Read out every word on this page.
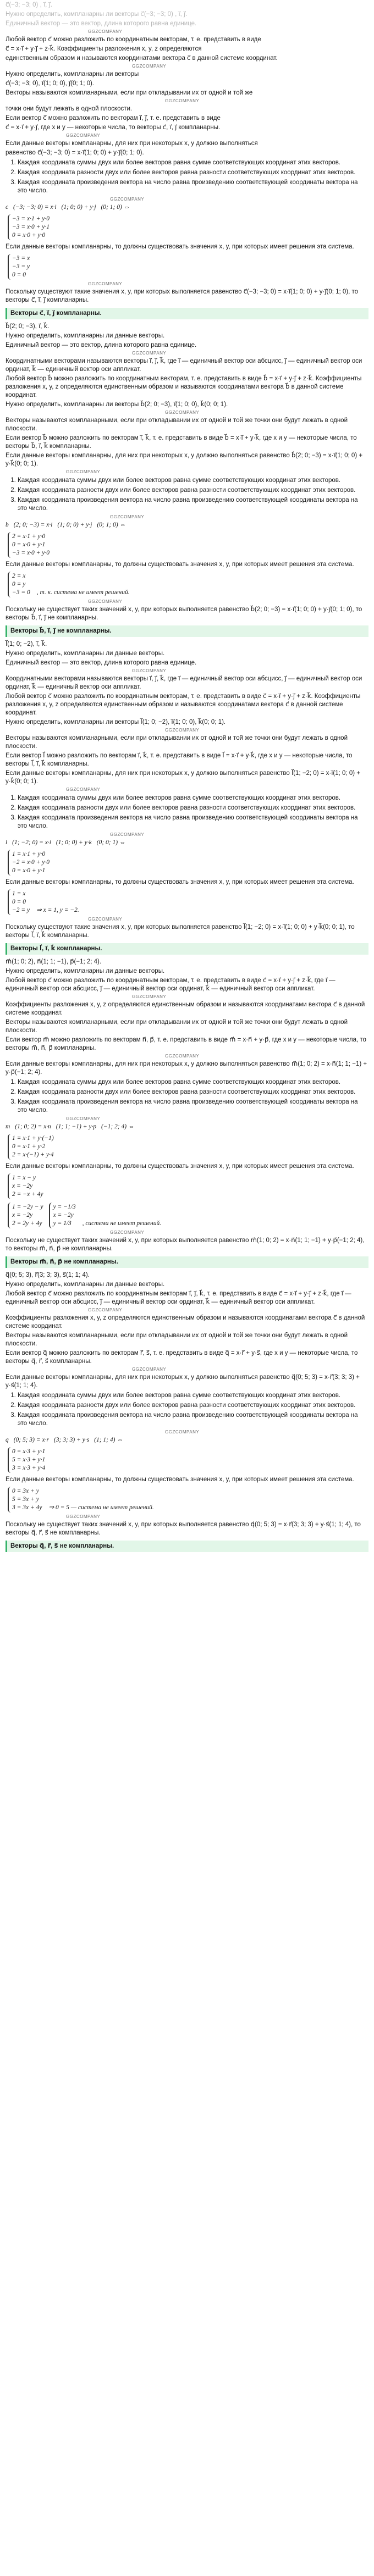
c⃗(−3; −3; 0) , i⃗, j⃗.

Нужно определить, компланарны ли векторы c⃗(−3; −3; 0) , i⃗, j⃗.

Единичный вектор — это вектор, длина которого равна единице.

GGZCOMPANY

Любой вектор c⃗ можно разложить по координатным векторам, т. е. представить в виде

c⃗ = x·i⃗ + y·j⃗ + z·k⃗. Коэффициенты разложения x, y, z определяются

единственным образом и называются координатами вектора c⃗ в данной системе координат.

GGZCOMPANY

Нужно определить, компланарны ли векторы

c⃗(−3; −3; 0), i⃗(1; 0; 0), j⃗(0; 1; 0).

Векторы называются компланарными, если при откладывании их от одной и той же

GGZCOMPANY

точки они будут лежать в одной плоскости.

Если вектор c⃗ можно разложить по векторам i⃗, j⃗, т. е. представить в виде

c⃗ = x·i⃗ + y·j⃗, где x и y — некоторые числа, то векторы c⃗, i⃗, j⃗ компланарны.

GGZCOMPANY

Если данные векторы компланарны, для них при некоторых x, y должно выполняться

равенство c⃗(−3; −3; 0) = x·i⃗(1; 0; 0) + y·j⃗(0; 1; 0).

1. Каждая координата суммы двух или более векторов равна сумме соответствующих координат этих векторов.
2. Каждая координата разности двух или более векторов равна разности соответствующих координат этих векторов.
3. Каждая координата произведения вектора на число равна произведению соответствующей координаты вектора на это число.
GGZCOMPANY
c⃗(−3; −3; 0) = x·i⃗(1; 0; 0) + y·j⃗(0; 1; 0) ⇔
−3 = x·1 + y·0
−3 = x·0 + y·1
0 = x·0 + y·0

Если данные векторы компланарны, то должны существовать значения x, y, при которых имеет решения эта система.

−3 = x
−3 = y
0 = 0
GGZCOMPANY

Поскольку существуют такие значения x, y, при которых выполняется равенство c⃗(−3; −3; 0) = x·i⃗(1; 0; 0) + y·j⃗(0; 1; 0), то векторы c⃗, i⃗, j⃗ компланарны.

Векторы c⃗, i⃗, j⃗ компланарны.

b⃗(2; 0; −3), i⃗, k⃗.

Нужно определить, компланарны ли данные векторы.

Единичный вектор — это вектор, длина которого равна единице.

GGZCOMPANY

Координатными векторами называются векторы i⃗, j⃗, k⃗, где i⃗ — единичный вектор оси абсцисс, j⃗ — единичный вектор оси ординат, k⃗ — единичный вектор оси аппликат.

Любой вектор b⃗ можно разложить по координатным векторам, т. е. представить в виде b⃗ = x·i⃗ + y·j⃗ + z·k⃗. Коэффициенты разложения x, y, z определяются единственным образом и называются координатами вектора b⃗ в данной системе координат.

Нужно определить, компланарны ли векторы b⃗(2; 0; −3), i⃗(1; 0; 0), k⃗(0; 0; 1).

GGZCOMPANY

Векторы называются компланарными, если при откладывании их от одной и той же точки они будут лежать в одной плоскости.

Если вектор b⃗ можно разложить по векторам i⃗, k⃗, т. е. представить в виде b⃗ = x·i⃗ + y·k⃗, где x и y — некоторые числа, то векторы b⃗, i⃗, k⃗ компланарны.

Если данные векторы компланарны, для них при некоторых x, y должно выполняться равенство b⃗(2; 0; −3) = x·i⃗(1; 0; 0) + y·k⃗(0; 0; 1).

GGZCOMPANY
1. Каждая координата суммы двух или более векторов равна сумме соответствующих координат этих векторов.
2. Каждая координата разности двух или более векторов равна разности соответствующих координат этих векторов.
3. Каждая координата произведения вектора на число равна произведению соответствующей координаты вектора на это число.
GGZCOMPANY
b⃗(2; 0; −3) = x·i⃗(1; 0; 0) + y·j⃗(0; 1; 0) ⇔
2 = x·1 + y·0
0 = x·0 + y·1
−3 = x·0 + y·0

Если данные векторы компланарны, то должны существовать значения x, y, при которых имеет решения эта система.

2 = x
0 = y
−3 = 0 , т. к. система не имеет решений.
GGZCOMPANY

Поскольку не существует таких значений x, y, при которых выполняется равенство b⃗(2; 0; −3) = x·i⃗(1; 0; 0) + y·j⃗(0; 1; 0), то векторы b⃗, i⃗, j⃗ не компланарны.

Векторы b⃗, i⃗, j⃗ не компланарны.

l⃗(1; 0; −2), i⃗, k⃗.

Нужно определить, компланарны ли данные векторы.

Единичный вектор — это вектор, длина которого равна единице.

GGZCOMPANY

Координатными векторами называются векторы i⃗, j⃗, k⃗, где i⃗ — единичный вектор оси абсцисс, j⃗ — единичный вектор оси ординат, k⃗ — единичный вектор оси аппликат.

Любой вектор c⃗ можно разложить по координатным векторам, т. е. представить в виде c⃗ = x·i⃗ + y·j⃗ + z·k⃗. Коэффициенты разложения x, y, z определяются единственным образом и называются координатами вектора c⃗ в данной системе координат.

Нужно определить, компланарны ли векторы l⃗(1; 0; −2), i⃗(1; 0; 0), k⃗(0; 0; 1).

GGZCOMPANY

Векторы называются компланарными, если при откладывании их от одной и той же точки они будут лежать в одной плоскости.

Если вектор l⃗ можно разложить по векторам i⃗, k⃗, т. е. представить в виде l⃗ = x·i⃗ + y·k⃗, где x и y — некоторые числа, то векторы l⃗, i⃗, k⃗ компланарны.

Если данные векторы компланарны, для них при некоторых x, y должно выполняться равенство l⃗(1; −2; 0) = x·i⃗(1; 0; 0) + y·k⃗(0; 0; 1).

GGZCOMPANY
1. Каждая координата суммы двух или более векторов равна сумме соответствующих координат этих векторов.
2. Каждая координата разности двух или более векторов равна разности соответствующих координат этих векторов.
3. Каждая координата произведения вектора на число равна произведению соответствующей координаты вектора на это число.
GGZCOMPANY
l⃗(1; −2; 0) = x·i⃗(1; 0; 0) + y·k⃗(0; 0; 1) ⇔
1 = x·1 + y·0
−2 = x·0 + y·0
0 = x·0 + y·1

Если данные векторы компланарны, то должны существовать значения x, y, при которых имеет решения эта система.

1 = x
0 = 0
−2 = y ⇒ x = 1, y = −2.
GGZCOMPANY

Поскольку существуют такие значения x, y, при которых выполняется равенство l⃗(1; −2; 0) = x·i⃗(1; 0; 0) + y·k⃗(0; 0; 1), то векторы l⃗, i⃗, k⃗ компланарны.

Векторы l⃗, i⃗, k⃗ компланарны.

m⃗(1; 0; 2), n⃗(1; 1; −1), p⃗(−1; 2; 4).

Нужно определить, компланарны ли данные векторы.

Любой вектор c⃗ можно разложить по координатным векторам, т. е. представить в виде c⃗ = x·i⃗ + y·j⃗ + z·k⃗, где i⃗ — единичный вектор оси абсцисс, j⃗ — единичный вектор оси ординат, k⃗ — единичный вектор оси аппликат.

GGZCOMPANY

Коэффициенты разложения x, y, z определяются единственным образом и называются координатами вектора c⃗ в данной системе координат.

Векторы называются компланарными, если при откладывании их от одной и той же точки они будут лежать в одной плоскости.

Если вектор m⃗ можно разложить по векторам n⃗, p⃗, т. е. представить в виде m⃗ = x·n⃗ + y·p⃗, где x и y — некоторые числа, то векторы m⃗, n⃗, p⃗ компланарны.

GGZCOMPANY

Если данные векторы компланарны, для них при некоторых x, y должно выполняться равенство m⃗(1; 0; 2) = x·n⃗(1; 1; −1) + y·p⃗(−1; 2; 4).

1. Каждая координата суммы двух или более векторов равна сумме соответствующих координат этих векторов.
2. Каждая координата разности двух или более векторов равна разности соответствующих координат этих векторов.
3. Каждая координата произведения вектора на число равна произведению соответствующей координаты вектора на это число.
GGZCOMPANY
m⃗(1; 0; 2) = x·n⃗(1; 1; −1) + y·p⃗(−1; 2; 4) ⇔
1 = x·1 + y·(−1)
0 = x·1 + y·2
2 = x·(−1) + y·4

Если данные векторы компланарны, то должны существовать значения x, y, при которых имеет решения эта система.

1 = x − y
x = −2y
2 = −x + 4y
1 = −2y − y
x = −2y
2 = 2y + 4y
y = −1/3
x = −2y
y = 1/3	, система не имеет решений.
GGZCOMPANY

Поскольку не существует таких значений x, y, при которых выполняется равенство m⃗(1; 0; 2) = x·n⃗(1; 1; −1) + y·p⃗(−1; 2; 4), то векторы m⃗, n⃗, p⃗ не компланарны.

Векторы m⃗, n⃗, p⃗ не компланарны.

q⃗(0; 5; 3), r⃗(3; 3; 3), s⃗(1; 1; 4).

Нужно определить, компланарны ли данные векторы.

Любой вектор c⃗ можно разложить по координатным векторам i⃗, j⃗, k⃗, т. е. представить в виде c⃗ = x·i⃗ + y·j⃗ + z·k⃗, где i⃗ — единичный вектор оси абсцисс, j⃗ — единичный вектор оси ординат, k⃗ — единичный вектор оси аппликат.

GGZCOMPANY

Коэффициенты разложения x, y, z определяются единственным образом и называются координатами вектора c⃗ в данной системе координат.

Векторы называются компланарными, если при откладывании их от одной и той же точки они будут лежать в одной плоскости.

Если вектор q⃗ можно разложить по векторам r⃗, s⃗, т. е. представить в виде q⃗ = x·r⃗ + y·s⃗, где x и y — некоторые числа, то векторы q⃗, r⃗, s⃗ компланарны.

GGZCOMPANY

Если данные векторы компланарны, для них при некоторых x, y должно выполняться равенство q⃗(0; 5; 3) = x·r⃗(3; 3; 3) + y·s⃗(1; 1; 4).

1. Каждая координата суммы двух или более векторов равна сумме соответствующих координат этих векторов.
2. Каждая координата разности двух или более векторов равна разности соответствующих координат этих векторов.
3. Каждая координата произведения вектора на число равна произведению соответствующей координаты вектора на это число.
GGZCOMPANY
q⃗(0; 5; 3) = x·r⃗(3; 3; 3) + y·s⃗(1; 1; 4) ⇔
0 = x·3 + y·1
5 = x·3 + y·1
3 = x·3 + y·4

Если данные векторы компланарны, то должны существовать значения x, y, при которых имеет решения эта система.

0 = 3x + y
5 = 3x + y
3 = 3x + 4y ⇒ 0 = 5 — система не имеет решений.
GGZCOMPANY

Поскольку не существует таких значений x, y, при которых выполняется равенство q⃗(0; 5; 3) = x·r⃗(3; 3; 3) + y·s⃗(1; 1; 4), то векторы q⃗, r⃗, s⃗ не компланарны.

Векторы q⃗, r⃗, s⃗ не компланарны.
